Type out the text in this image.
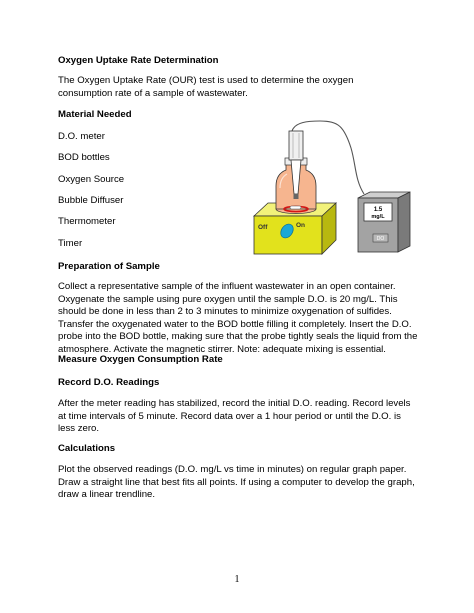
Oxygen Uptake Rate Determination

The Oxygen Uptake Rate (OUR) test is used to determine the oxygen consumption rate of a sample of wastewater.

Material Needed

D.O. meter

BOD bottles

Oxygen Source

Bubble Diffuser

Thermometer

Timer

Preparation of Sample

Collect a representative sample of the influent wastewater in an open container. Oxygenate the sample using pure oxygen until the sample D.O. is 20 mg/L. This should be done in less than 2 to 3 minutes to minimize oxygenation of sulfides. Transfer the oxygenated water to the BOD bottle filling it completely. Insert the D.O. probe into the BOD bottle, making sure that the probe tightly seals the liquid from the atmosphere. Activate the magnetic stirrer. Note: adequate mixing is essential.

Measure Oxygen Consumption Rate

Record D.O. Readings

After the meter reading has stabilized, record the initial D.O. reading. Record levels at time intervals of 5 minute. Record data over a 1 hour period or until the D.O. is less zero.

Calculations

Plot the observed readings (D.O. mg/L vs time in minutes) on regular graph paper. Draw a straight line that best fits all points. If using a computer to develop the graph, draw a linear trendline.

Off	On
1.5
mg/L
DO
1
